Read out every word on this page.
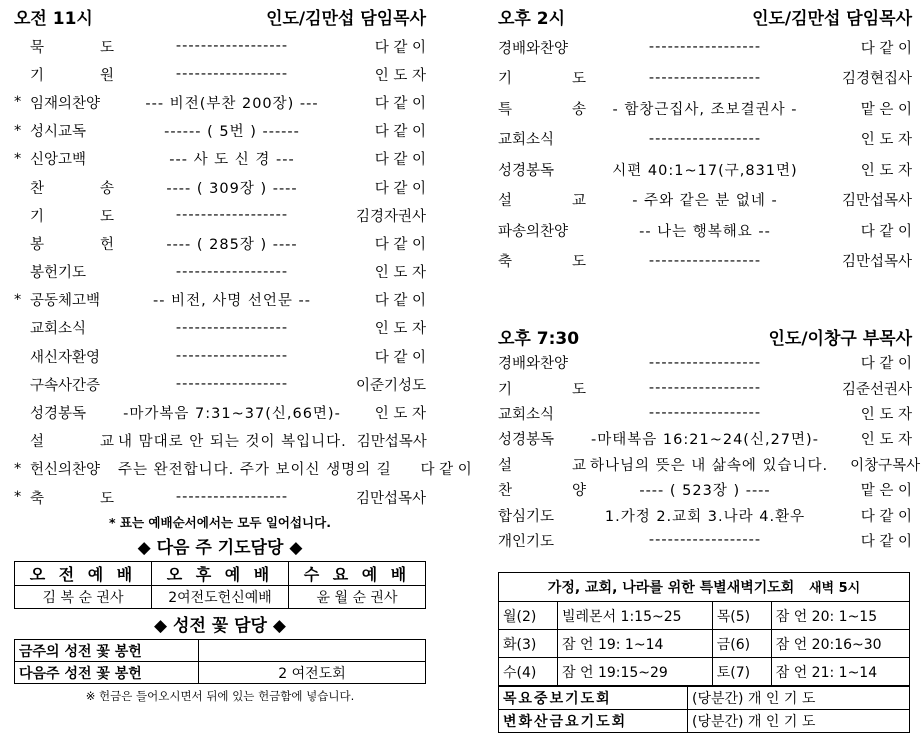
오전 11시	인도/김만섭 담임목사
묵	도	------------------	다 같 이
기	원	------------------	인 도 자
* 임재의찬양	--- 비전(부찬 200장) ---	다 같 이
* 성시교독	------ ( 5번 ) ------	다 같 이
* 신앙고백	--- 사 도 신 경 ---	다 같 이
찬	송	---- ( 309장 ) ----	다 같 이
기	도	------------------	김경자권사
봉	헌	---- ( 285장 ) ----	다 같 이
봉헌기도	------------------	인 도 자
* 공동체고백	-- 비전, 사명 선언문 --	다 같 이
교회소식	------------------	인 도 자
새신자환영	------------------	다 같 이
구속사간증	------------------	이준기성도
성경봉독	-마가복음 7:31~37(신,66면)-	인 도 자
설	교 내 맘대로 안 되는 것이 복입니다. 김만섭목사
* 헌신의찬양	주는 완전합니다. 주가 보이신 생명의 길	다 같 이
* 축	도	------------------	김만섭목사
* 표는 예배순서에서는 모두 일어섭니다.
◆ 다음 주 기도담당 ◆
오 전 예 배	오 후 예 배	수 요 예 배
김 복 순 권사	2여전도헌신예배	윤 월 순 권사
◆ 성전 꽃 담당 ◆
금주의 성전 꽃 봉헌	
다음주 성전 꽃 봉헌	2 여전도회
※ 헌금은 들어오시면서 뒤에 있는 헌금함에 넣습니다.
오후 2시	인도/김만섭 담임목사
경배와찬양	------------------	다 같 이
기	도	------------------	김경현집사
특	송	- 함창근집사, 조보결권사 -	맡 은 이
교회소식	------------------	인 도 자
성경봉독	시편 40:1~17(구,831면)	인 도 자
설	교	- 주와 같은 분 없네 -	김만섭목사
파송의찬양	-- 나는 행복해요 --	다 같 이
축	도	------------------	김만섭목사
오후 7:30	인도/이창구 부목사
경배와찬양	------------------	다 같 이
기	도	------------------	김준선권사
교회소식	------------------	인 도 자
성경봉독	-마태복음 16:21~24(신,27면)-	인 도 자
설	교 하나님의 뜻은 내 삶속에 있습니다.	이창구목사
찬	양	---- ( 523장 ) ----	맡 은 이
합심기도	1.가정 2.교회 3.나라 4.환우	다 같 이
개인기도	------------------	다 같 이
가정, 교회, 나라를 위한 특별새벽기도회 새벽 5시			
월(2)	빌레몬서 1:15~25	목(5)	잠 언 20: 1~15
화(3)	잠 언 19: 1~14	금(6)	잠 언 20:16~30
수(4)	잠 언 19:15~29	토(7)	잠 언 21: 1~14
목요중보기도회	(당분간) 개 인 기 도
변화산금요기도회	(당분간) 개 인 기 도
